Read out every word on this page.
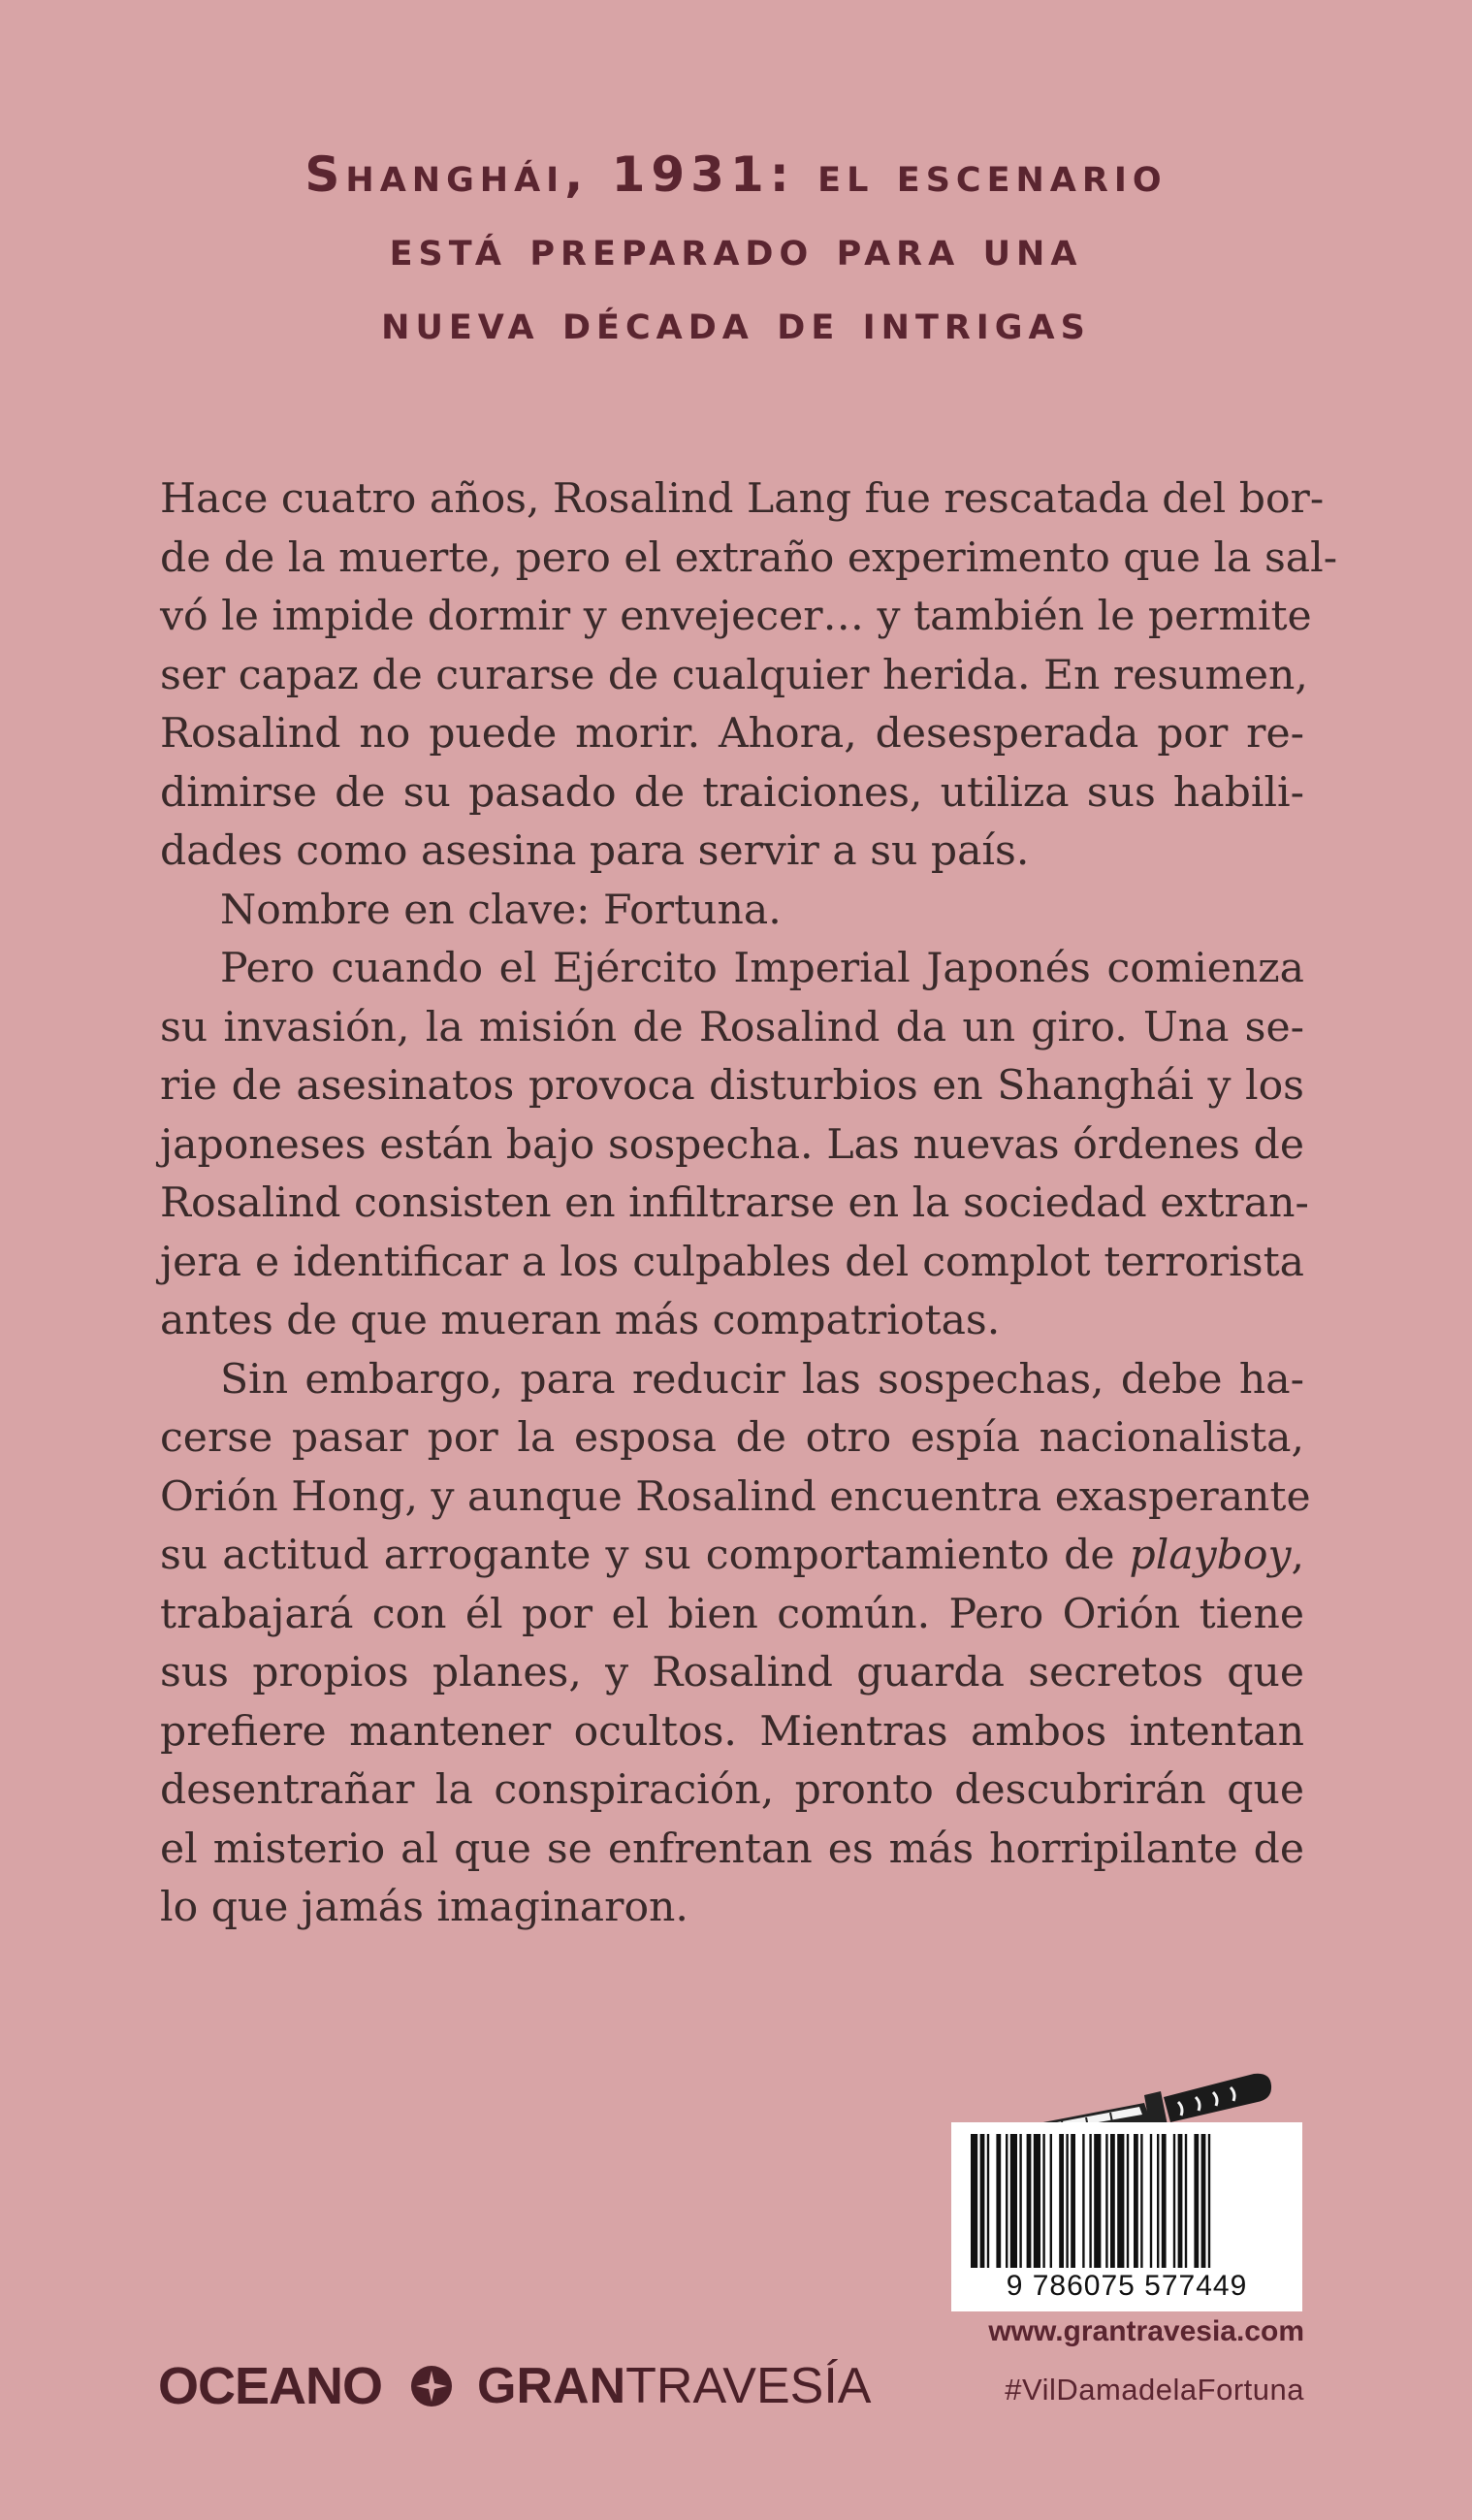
Shanghái, 1931: el escenario
está preparado para una
nueva década de intrigas

Hace cuatro años, Rosalind Lang fue rescatada del bor-
de de la muerte, pero el extraño experimento que la sal-
vó le impide dormir y envejecer… y también le permite
ser capaz de curarse de cualquier herida. En resumen,
Rosalind no puede morir. Ahora, desesperada por re-
dimirse de su pasado de traiciones, utiliza sus habili-
dades como asesina para servir a su país.

Nombre en clave: Fortuna.

Pero cuando el Ejército Imperial Japonés comienza
su invasión, la misión de Rosalind da un giro. Una se-
rie de asesinatos provoca disturbios en Shanghái y los
japoneses están bajo sospecha. Las nuevas órdenes de
Rosalind consisten en infiltrarse en la sociedad extran-
jera e identificar a los culpables del complot terrorista
antes de que mueran más compatriotas.

Sin embargo, para reducir las sospechas, debe ha-
cerse pasar por la esposa de otro espía nacionalista,
Orión Hong, y aunque Rosalind encuentra exasperante
su actitud arrogante y su comportamiento de playboy,
trabajará con él por el bien común. Pero Orión tiene
sus propios planes, y Rosalind guarda secretos que
prefiere mantener ocultos. Mientras ambos intentan
desentrañar la conspiración, pronto descubrirán que
el misterio al que se enfrentan es más horripilante de
lo que jamás imaginaron.

9 786075 577449
www.grantravesia.com
#VilDamadelaFortuna
OCEANO GRAN TRAVESÍA
